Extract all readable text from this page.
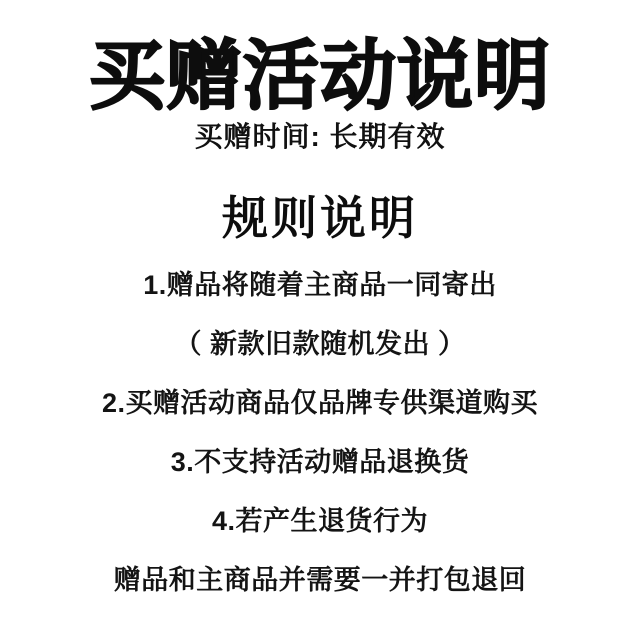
买赠活动说明
买赠时间: 长期有效
规则说明
1.赠品将随着主商品一同寄出
（ 新款旧款随机发出 ）
2.买赠活动商品仅品牌专供渠道购买
3.不支持活动赠品退换货
4.若产生退货行为
赠品和主商品并需要一并打包退回
